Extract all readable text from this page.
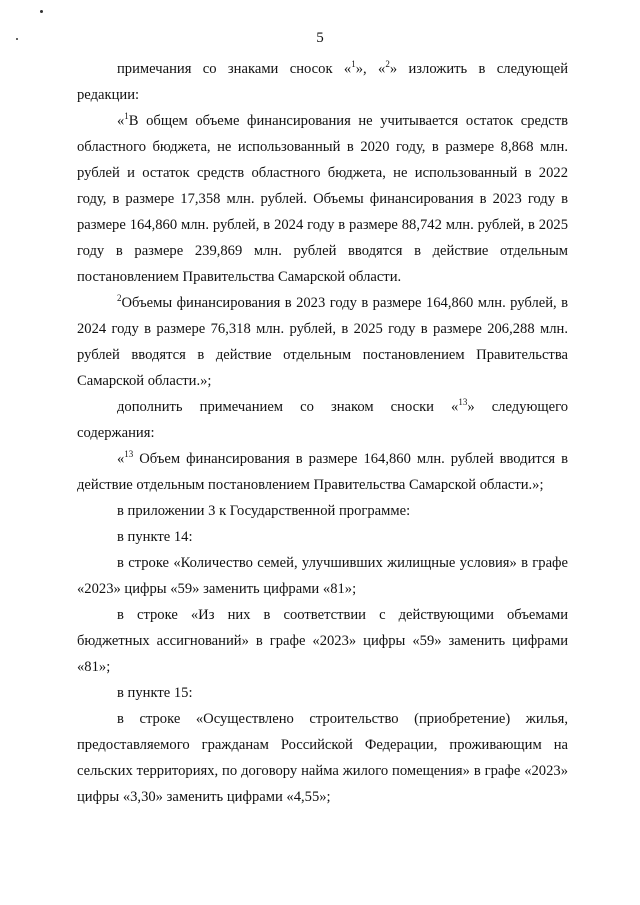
5

примечания со знаками сносок «$^1$», «$^2$» изложить в следующей редакции:

«$^1$В общем объеме финансирования не учитывается остаток средств областного бюджета, не использованный в 2020 году, в размере 8,868 млн. рублей и остаток средств областного бюджета, не использованный в 2022 году, в размере 17,358 млн. рублей. Объемы финансирования в 2023 году в размере 164,860 млн. рублей, в 2024 году в размере 88,742 млн. рублей, в 2025 году в размере 239,869 млн. рублей вводятся в действие отдельным постановлением Правительства Самарской области.

$^2$Объемы финансирования в 2023 году в размере 164,860 млн. рублей, в 2024 году в размере 76,318 млн. рублей, в 2025 году в размере 206,288 млн. рублей вводятся в действие отдельным постановлением Правительства Самарской области.»;

дополнить примечанием со знаком сноски «$^{13}$» следующего содержания:

«$^{13}$ Объем финансирования в размере 164,860 млн. рублей вводится в действие отдельным постановлением Правительства Самарской области.»;

в приложении 3 к Государственной программе:

в пункте 14:

в строке «Количество семей, улучшивших жилищные условия» в графе «2023» цифры «59» заменить цифрами «81»;

в строке «Из них в соответствии с действующими объемами бюджетных ассигнований» в графе «2023» цифры «59» заменить цифрами «81»;

в пункте 15:

в строке «Осуществлено строительство (приобретение) жилья, предоставляемого гражданам Российской Федерации, проживающим на сельских территориях, по договору найма жилого помещения» в графе «2023» цифры «3,30» заменить цифрами «4,55»;
